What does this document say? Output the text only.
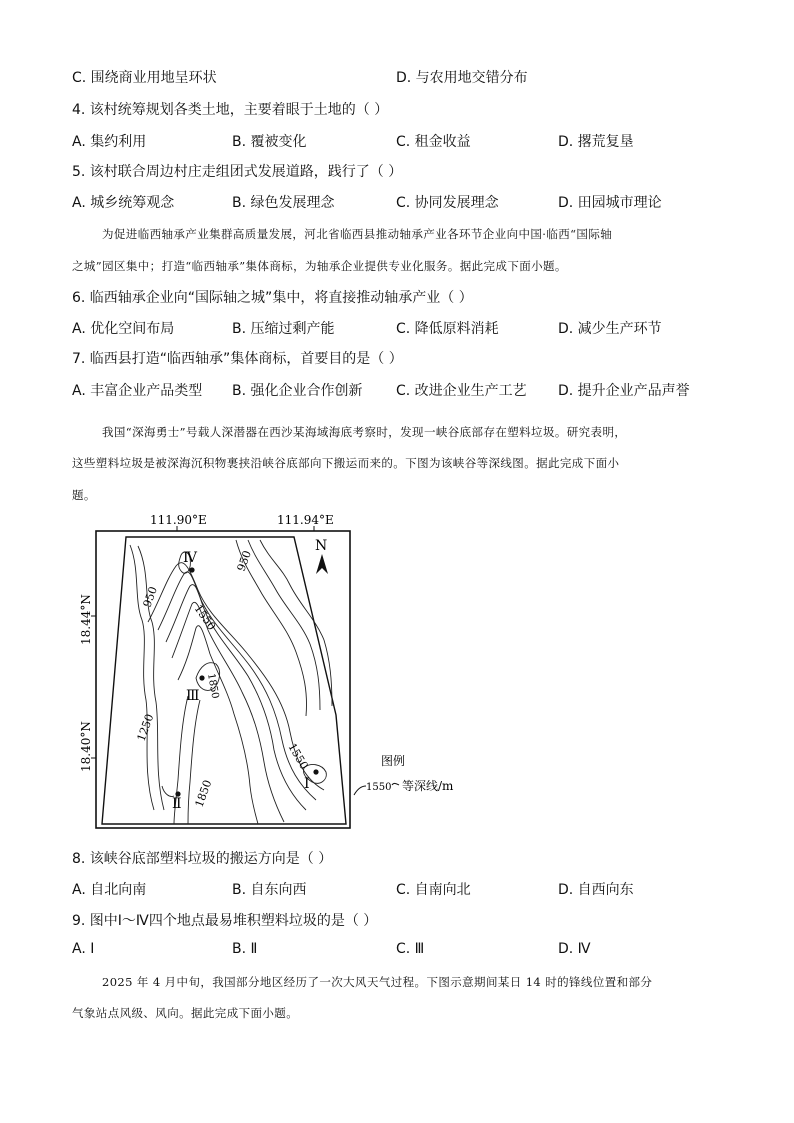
C. 围绕商业用地呈环状	D. 与农用地交错分布
4. 该村统筹规划各类土地，主要着眼于土地的（ ）
A. 集约利用	B. 覆被变化	C. 租金收益	D. 撂荒复垦
5. 该村联合周边村庄走组团式发展道路，践行了（ ）
A. 城乡统筹观念	B. 绿色发展理念	C. 协同发展理念	D. 田园城市理论
为促进临西轴承产业集群高质量发展，河北省临西县推动轴承产业各环节企业向中国·临西“国际轴
之城”园区集中；打造“临西轴承”集体商标，为轴承企业提供专业化服务。据此完成下面小题。
6. 临西轴承企业向“国际轴之城”集中，将直接推动轴承产业（ ）
A. 优化空间布局	B. 压缩过剩产能	C. 降低原料消耗	D. 减少生产环节
7. 临西县打造“临西轴承”集体商标，首要目的是（ ）
A. 丰富企业产品类型 B. 强化企业合作创新 C. 改进企业生产工艺 D. 提升企业产品声誉
我国“深海勇士”号载人深潜器在西沙某海域海底考察时，发现一峡谷底部存在塑料垃圾。研究表明，
这些塑料垃圾是被深海沉积物裹挟沿峡谷底部向下搬运而来的。下图为该峡谷等深线图。据此完成下面小
题。
111.90°E	111.94°E
18.44°N
18.40°N
950
950
1550
1550
1850
1850
1250
Ⅳ
Ⅲ
Ⅱ
Ⅰ
N
图例
1550 等深线/m
8. 该峡谷底部塑料垃圾的搬运方向是（ ）
A. 自北向南	B. 自东向西	C. 自南向北	D. 自西向东
9. 图中Ⅰ～Ⅳ四个地点最易堆积塑料垃圾的是（ ）
A. Ⅰ	B. Ⅱ	C. Ⅲ	D. Ⅳ
2025 年 4 月中旬，我国部分地区经历了一次大风天气过程。下图示意期间某日 14 时的锋线位置和部分
气象站点风级、风向。据此完成下面小题。
